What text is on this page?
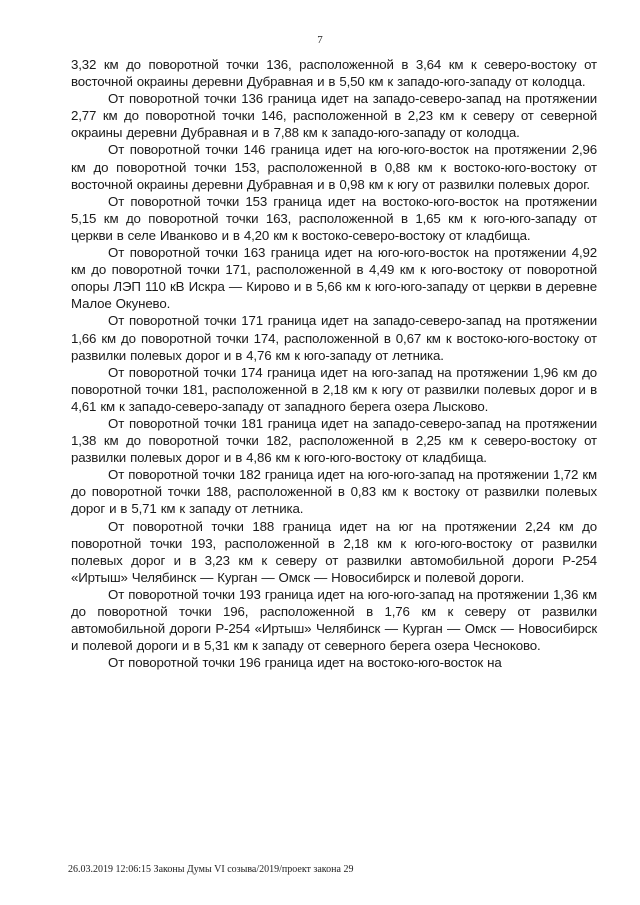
7

3,32 км до поворотной точки 136, расположенной в 3,64 км к северо-востоку от восточной окраины деревни Дубравная и в 5,50 км к западо-юго-западу от колодца.

От поворотной точки 136 граница идет на западо-северо-запад на протяжении 2,77 км до поворотной точки 146, расположенной в 2,23 км к северу от северной окраины деревни Дубравная и в 7,88 км к западо-юго-западу от колодца.

От поворотной точки 146 граница идет на юго-юго-восток на протяжении 2,96 км до поворотной точки 153, расположенной в 0,88 км к востоко-юго-востоку от восточной окраины деревни Дубравная и в 0,98 км к югу от развилки полевых дорог.

От поворотной точки 153 граница идет на востоко-юго-восток на протяжении 5,15 км до поворотной точки 163, расположенной в 1,65 км к юго-юго-западу от церкви в селе Иванково и в 4,20 км к востоко-северо-востоку от кладбища.

От поворотной точки 163 граница идет на юго-юго-восток на протяжении 4,92 км до поворотной точки 171, расположенной в 4,49 км к юго-востоку от поворотной опоры ЛЭП 110 кВ Искра — Кирово и в 5,66 км к юго-юго-западу от церкви в деревне Малое Окунево.

От поворотной точки 171 граница идет на западо-северо-запад на протяжении 1,66 км до поворотной точки 174, расположенной в 0,67 км к востоко-юго-востоку от развилки полевых дорог и в 4,76 км к юго-западу от летника.

От поворотной точки 174 граница идет на юго-запад на протяжении 1,96 км до поворотной точки 181, расположенной в 2,18 км к югу от развилки полевых дорог и в 4,61 км к западо-северо-западу от западного берега озера Лысково.

От поворотной точки 181 граница идет на западо-северо-запад на протяжении 1,38 км до поворотной точки 182, расположенной в 2,25 км к северо-востоку от развилки полевых дорог и в 4,86 км к юго-юго-востоку от кладбища.

От поворотной точки 182 граница идет на юго-юго-запад на протяжении 1,72 км до поворотной точки 188, расположенной в 0,83 км к востоку от развилки полевых дорог и в 5,71 км к западу от летника.

От поворотной точки 188 граница идет на юг на протяжении 2,24 км до поворотной точки 193, расположенной в 2,18 км к юго-юго-востоку от развилки полевых дорог и в 3,23 км к северу от развилки автомобильной дороги Р-254 «Иртыш» Челябинск — Курган — Омск — Новосибирск и полевой дороги.

От поворотной точки 193 граница идет на юго-юго-запад на протяжении 1,36 км до поворотной точки 196, расположенной в 1,76 км к северу от развилки автомобильной дороги Р-254 «Иртыш» Челябинск — Курган — Омск — Новосибирск и полевой дороги и в 5,31 км к западу от северного берега озера Чесноково.

От поворотной точки 196 граница идет на востоко-юго-восток на

26.03.2019 12:06:15 Законы Думы VI созыва/2019/проект закона 29
